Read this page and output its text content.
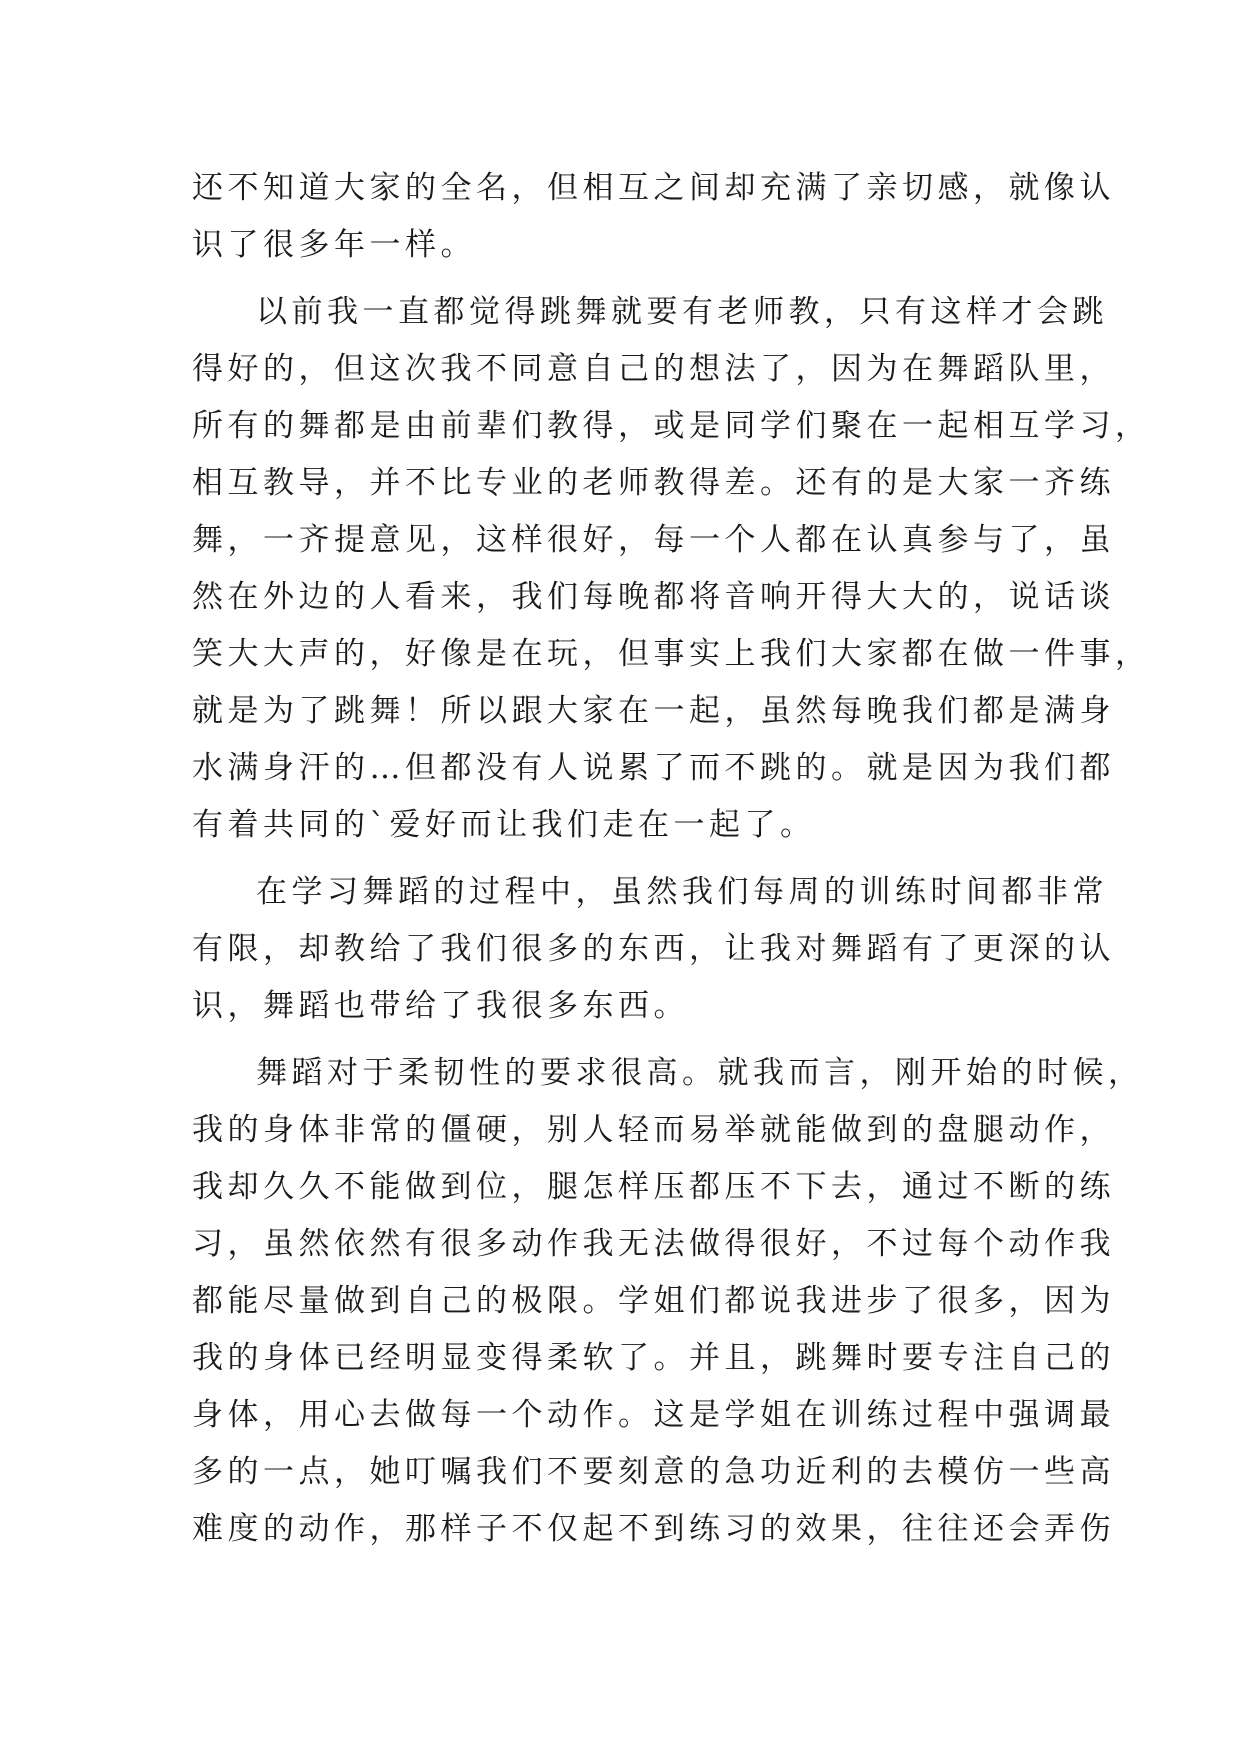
还不知道大家的全名，但相互之间却充满了亲切感，就像认
识了很多年一样。
以前我一直都觉得跳舞就要有老师教，只有这样才会跳
得好的，但这次我不同意自己的想法了，因为在舞蹈队里，
所有的舞都是由前辈们教得，或是同学们聚在一起相互学习，
相互教导，并不比专业的老师教得差。还有的是大家一齐练
舞，一齐提意见，这样很好，每一个人都在认真参与了，虽
然在外边的人看来，我们每晚都将音响开得大大的，说话谈
笑大大声的，好像是在玩，但事实上我们大家都在做一件事，
就是为了跳舞！所以跟大家在一起，虽然每晚我们都是满身
水满身汗的…但都没有人说累了而不跳的。就是因为我们都
有着共同的`爱好而让我们走在一起了。
在学习舞蹈的过程中，虽然我们每周的训练时间都非常
有限，却教给了我们很多的东西，让我对舞蹈有了更深的认
识，舞蹈也带给了我很多东西。
舞蹈对于柔韧性的要求很高。就我而言，刚开始的时候，
我的身体非常的僵硬，别人轻而易举就能做到的盘腿动作，
我却久久不能做到位，腿怎样压都压不下去，通过不断的练
习，虽然依然有很多动作我无法做得很好，不过每个动作我
都能尽量做到自己的极限。学姐们都说我进步了很多，因为
我的身体已经明显变得柔软了。并且，跳舞时要专注自己的
身体，用心去做每一个动作。这是学姐在训练过程中强调最
多的一点，她叮嘱我们不要刻意的急功近利的去模仿一些高
难度的动作，那样子不仅起不到练习的效果，往往还会弄伤
